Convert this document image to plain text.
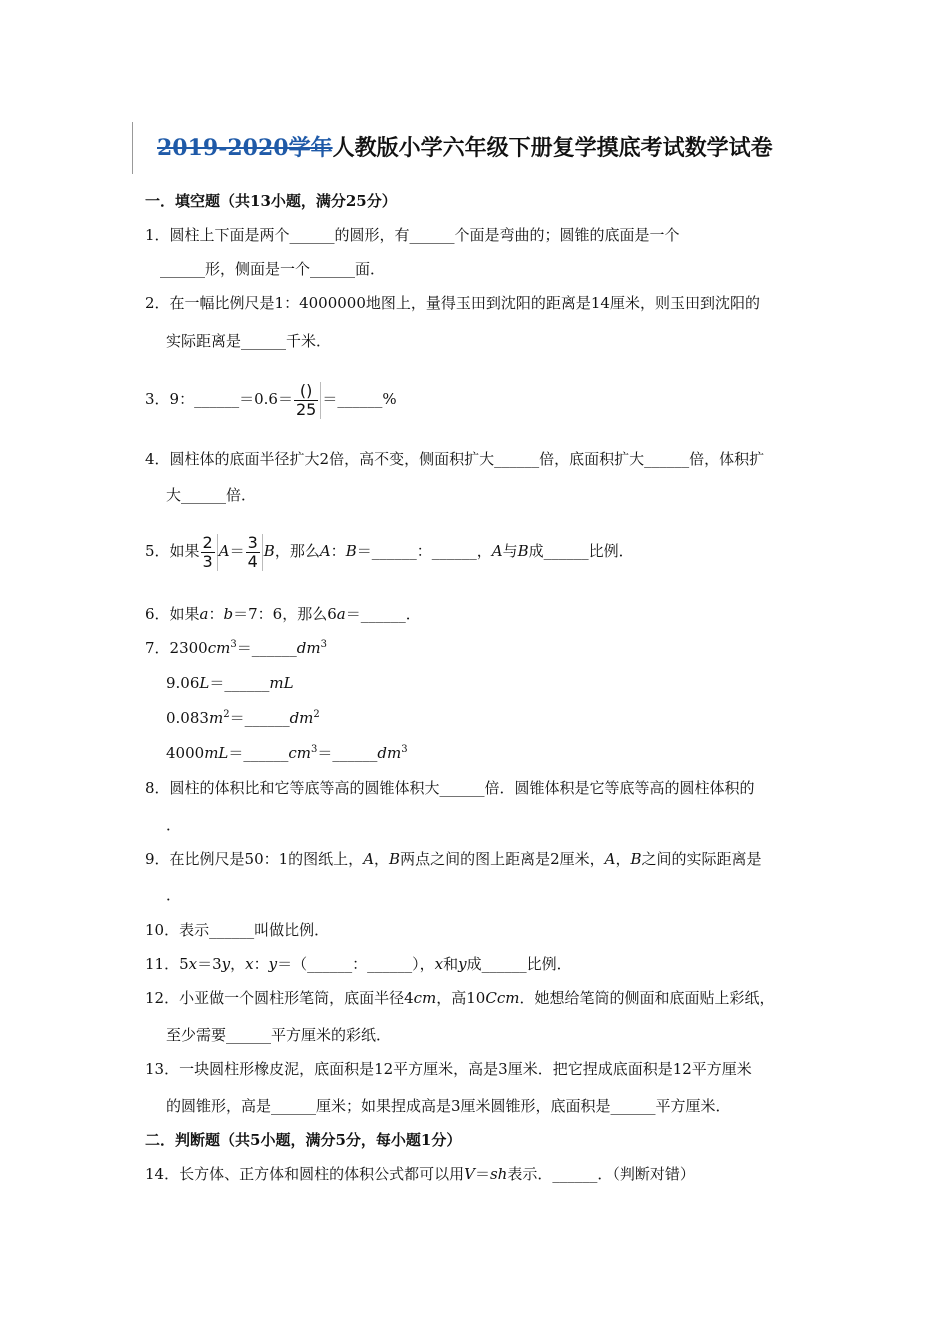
2019-2020学年人教版小学六年级下册复学摸底考试数学试卷
一．填空题（共13小题，满分25分）
1．圆柱上下面是两个______的圆形，有______个面是弯曲的；圆锥的底面是一个
______形，侧面是一个______面．
2．在一幅比例尺是1：4000000地图上，量得玉田到沈阳的距离是14厘米，则玉田到沈阳的
实际距离是______千米．
3．9：______＝0.6＝ $\frac{()}{25}$ ＝______%
4．圆柱体的底面半径扩大2倍，高不变，侧面积扩大______倍，底面积扩大______倍，体积扩
大______倍．
5．如果 $\frac{2}{3} A= \frac{3}{4}$ B，那么A：B＝______：______，A与B成______比例．
6．如果a：b＝7：6，那么6a＝______．
7．$2300cm^3=\_\_\_\_\_\_dm^3$
9.06L＝______mL
$0.083m^2=\_\_\_\_\_\_dm^2$
$4000mL=\_\_\_\_\_\_cm^3=\_\_\_\_\_\_dm^3$
8．圆柱的体积比和它等底等高的圆锥体积大______倍．圆锥体积是它等底等高的圆柱体积的
．
9．在比例尺是50：1的图纸上，A，B两点之间的图上距离是2厘米，A，B之间的实际距离是
．
10．表示______叫做比例．
11．5x＝3y，x：y＝（______：______），x和y成______比例．
12．小亚做一个圆柱形笔筒，底面半径4cm，高10Ccm．她想给笔筒的侧面和底面贴上彩纸，
至少需要______平方厘米的彩纸．
13．一块圆柱形橡皮泥，底面积是12平方厘米，高是3厘米．把它捏成底面积是12平方厘米
的圆锥形，高是______厘米；如果捏成高是3厘米圆锥形，底面积是______平方厘米．
二．判断题（共5小题，满分5分，每小题1分）
14．长方体、正方体和圆柱的体积公式都可以用V＝sh表示．______．（判断对错）
